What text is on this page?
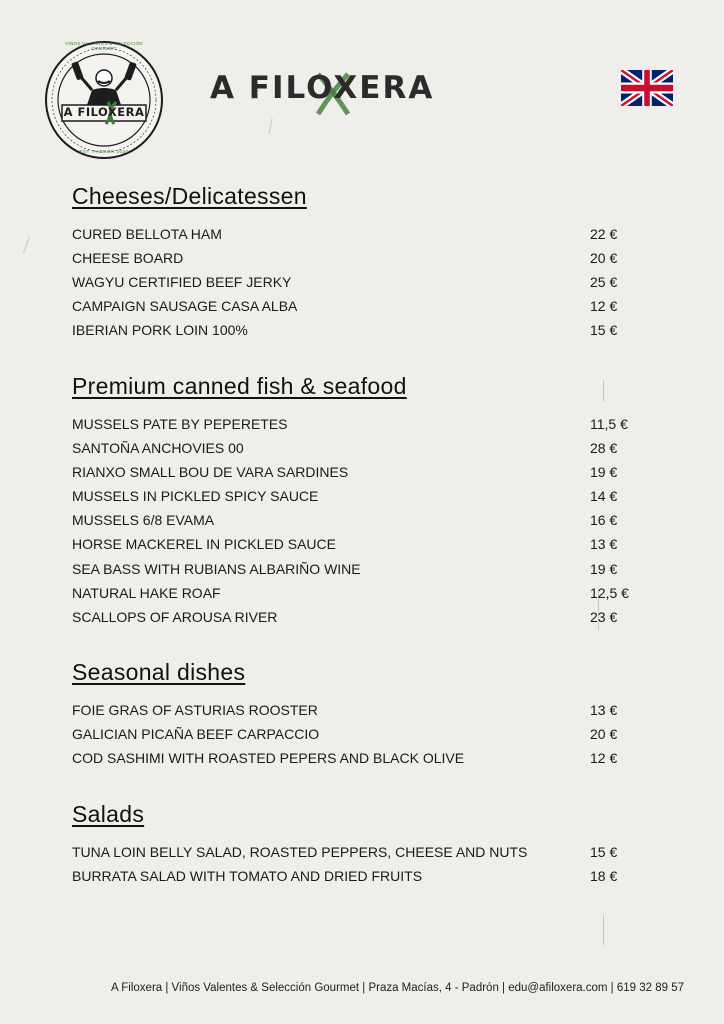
A FILOXERA
VIÑOS VALENTES & SELECCIÓN GOURMET
EST. PADRÓN 2020
A FILOXERA
Cheeses/Delicatessen
CURED BELLOTA HAM	22 €
CHEESE BOARD	20 €
WAGYU CERTIFIED BEEF JERKY	25 €
CAMPAIGN SAUSAGE CASA ALBA	12 €
IBERIAN PORK LOIN 100%	15 €
Premium canned fish & seafood
MUSSELS PATE BY PEPERETES	11,5 €
SANTOÑA ANCHOVIES 00	28 €
RIANXO SMALL BOU DE VARA SARDINES	19 €
MUSSELS IN PICKLED SPICY SAUCE	14 €
MUSSELS 6/8 EVAMA	16 €
HORSE MACKEREL IN PICKLED SAUCE	13 €
SEA BASS WITH RUBIANS ALBARIÑO WINE	19 €
NATURAL HAKE ROAF	12,5 €
SCALLOPS OF AROUSA RIVER	23 €
Seasonal dishes
FOIE GRAS OF ASTURIAS ROOSTER	13 €
GALICIAN PICAÑA BEEF CARPACCIO	20 €
COD SASHIMI WITH ROASTED PEPERS AND BLACK OLIVE	12 €
Salads
TUNA LOIN BELLY SALAD, ROASTED PEPPERS, CHEESE AND NUTS	15 €
BURRATA SALAD WITH TOMATO AND DRIED FRUITS	18 €
A Filoxera | Viños Valentes & Selección Gourmet | Praza Macías, 4 - Padrón | edu@afiloxera.com | 619 32 89 57
